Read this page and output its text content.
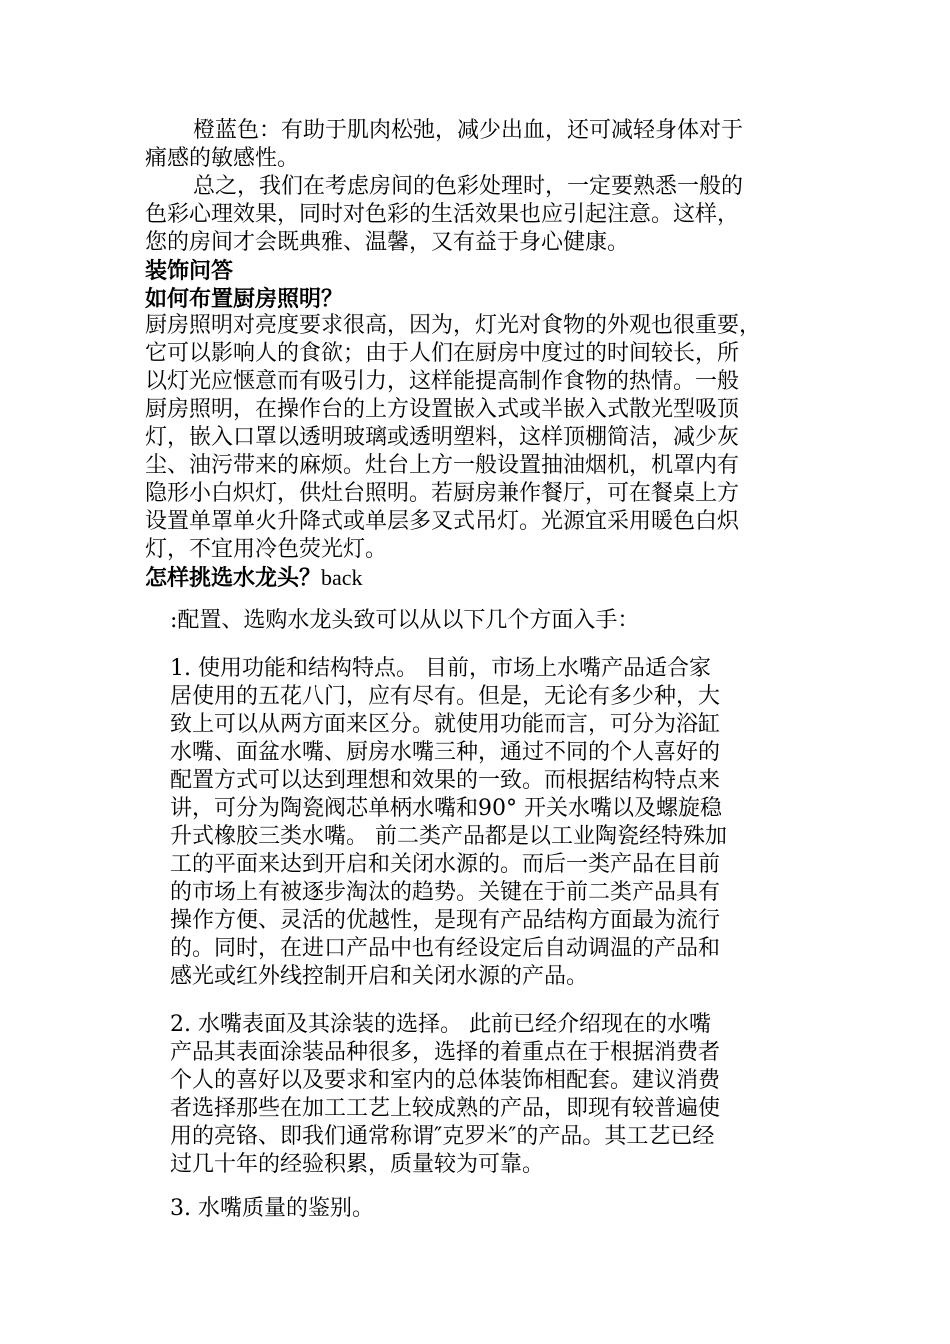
橙蓝色：有助于肌肉松弛，减少出血，还可减轻身体对于
痛感的敏感性。
总之，我们在考虑房间的色彩处理时，一定要熟悉一般的
色彩心理效果，同时对色彩的生活效果也应引起注意。这样，
您的房间才会既典雅、温馨，又有益于身心健康。
装饰问答
如何布置厨房照明？
厨房照明对亮度要求很高，因为，灯光对食物的外观也很重要，
它可以影响人的食欲；由于人们在厨房中度过的时间较长，所
以灯光应惬意而有吸引力，这样能提高制作食物的热情。一般
厨房照明，在操作台的上方设置嵌入式或半嵌入式散光型吸顶
灯，嵌入口罩以透明玻璃或透明塑料，这样顶棚简洁，减少灰
尘、油污带来的麻烦。灶台上方一般设置抽油烟机，机罩内有
隐形小白炽灯，供灶台照明。若厨房兼作餐厅，可在餐桌上方
设置单罩单火升降式或单层多叉式吊灯。光源宜采用暖色白炽
灯，不宜用冷色荧光灯。
怎样挑选水龙头？back
:配置、选购水龙头致可以从以下几个方面入手：
1. 使用功能和结构特点。 目前，市场上水嘴产品适合家
居使用的五花八门，应有尽有。但是，无论有多少种，大
致上可以从两方面来区分。就使用功能而言，可分为浴缸
水嘴、面盆水嘴、厨房水嘴三种，通过不同的个人喜好的
配置方式可以达到理想和效果的一致。而根据结构特点来
讲，可分为陶瓷阀芯单柄水嘴和90° 开关水嘴以及螺旋稳
升式橡胶三类水嘴。 前二类产品都是以工业陶瓷经特殊加
工的平面来达到开启和关闭水源的。而后一类产品在目前
的市场上有被逐步淘汰的趋势。关键在于前二类产品具有
操作方便、灵活的优越性，是现有产品结构方面最为流行
的。同时，在进口产品中也有经设定后自动调温的产品和
感光或红外线控制开启和关闭水源的产品。
2. 水嘴表面及其涂装的选择。 此前已经介绍现在的水嘴
产品其表面涂装品种很多，选择的着重点在于根据消费者
个人的喜好以及要求和室内的总体装饰相配套。建议消费
者选择那些在加工工艺上较成熟的产品，即现有较普遍使
用的亮铬、即我们通常称谓″克罗米″的产品。其工艺已经
过几十年的经验积累，质量较为可靠。
3. 水嘴质量的鉴别。
